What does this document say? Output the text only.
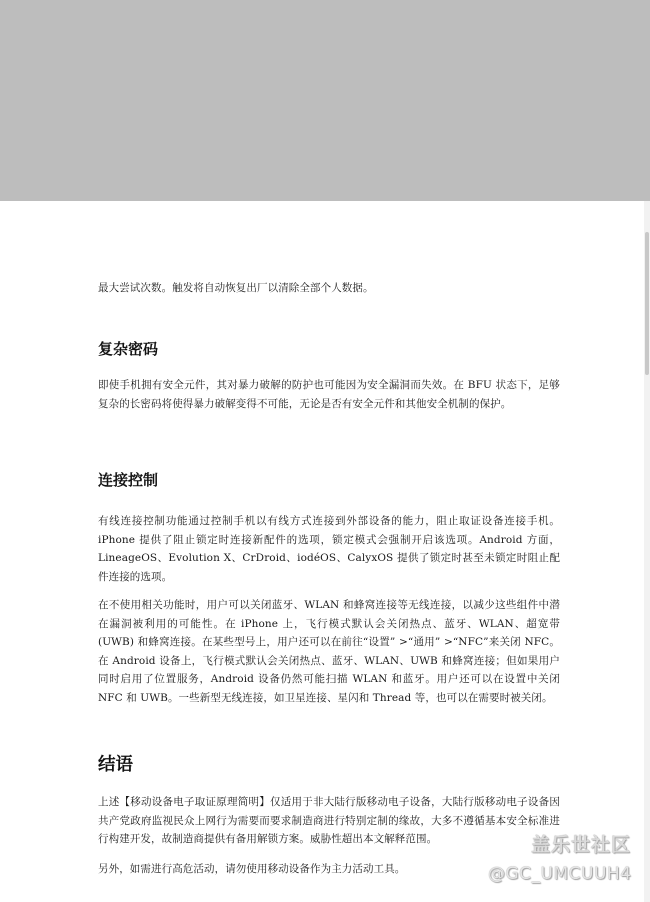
最大尝试次数。触发将自动恢复出厂以清除全部个人数据。

复杂密码

即使手机拥有安全元件，其对暴力破解的防护也可能因为安全漏洞而失效。在 BFU 状态下，足够复杂的长密码将使得暴力破解变得不可能，无论是否有安全元件和其他安全机制的保护。

连接控制

有线连接控制功能通过控制手机以有线方式连接到外部设备的能力，阻止取证设备连接手机。iPhone 提供了阻止锁定时连接新配件的选项，锁定模式会强制开启该选项。Android 方面，LineageOS、Evolution X、CrDroid、iodéOS、CalyxOS 提供了锁定时甚至未锁定时阻止配件连接的选项。

在不使用相关功能时，用户可以关闭蓝牙、WLAN 和蜂窝连接等无线连接，以减少这些组件中潜在漏洞被利用的可能性。在 iPhone 上，飞行模式默认会关闭热点、蓝牙、WLAN、超宽带 (UWB) 和蜂窝连接。在某些型号上，用户还可以在前往“设置” >“通用” >“NFC”来关闭 NFC。在 Android 设备上，飞行模式默认会关闭热点、蓝牙、WLAN、UWB 和蜂窝连接；但如果用户同时启用了位置服务，Android 设备仍然可能扫描 WLAN 和蓝牙。用户还可以在设置中关闭 NFC 和 UWB。一些新型无线连接，如卫星连接、星闪和 Thread 等，也可以在需要时被关闭。

结语

上述【移动设备电子取证原理简明】仅适用于非大陆行版移动电子设备，大陆行版移动电子设备因共产党政府监视民众上网行为需要而要求制造商进行特别定制的缘故，大多不遵循基本安全标准进行构建开发，故制造商提供有备用解锁方案。威胁性超出本文解释范围。

另外，如需进行高危活动，请勿使用移动设备作为主力活动工具。

盖乐世社区
@GC_UMCUUH4
